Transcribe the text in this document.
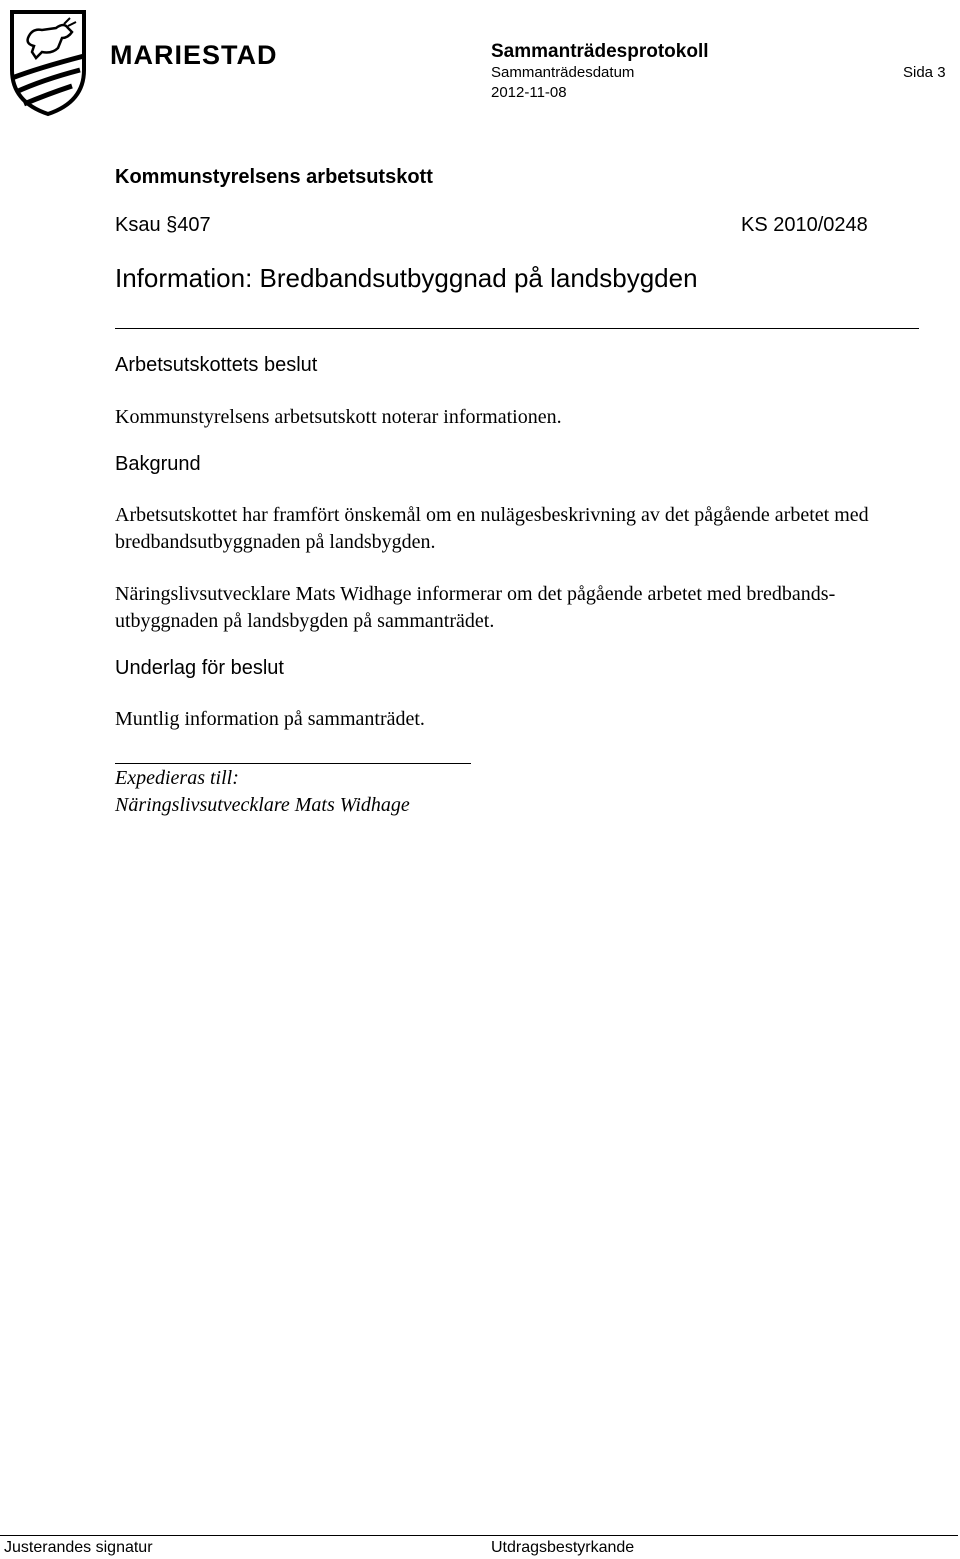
MARIESTAD	Sammanträdesprotokoll
Sammanträdesdatum	Sida 3
2012-11-08
Kommunstyrelsens arbetsutskott
Ksau §407	KS 2010/0248
Information: Bredbandsutbyggnad på landsbygden
Arbetsutskottets beslut
Kommunstyrelsens arbetsutskott noterar informationen.
Bakgrund
Arbetsutskottet har framfört önskemål om en nulägesbeskrivning av det pågående arbetet med bredbandsutbyggnaden på landsbygden.
Näringslivsutvecklare Mats Widhage informerar om det pågående arbetet med bredbands-utbyggnaden på landsbygden på sammanträdet.
Underlag för beslut
Muntlig information på sammanträdet.
Expedieras till:
Näringslivsutvecklare Mats Widhage
Justerandes signatur	Utdragsbestyrkande
